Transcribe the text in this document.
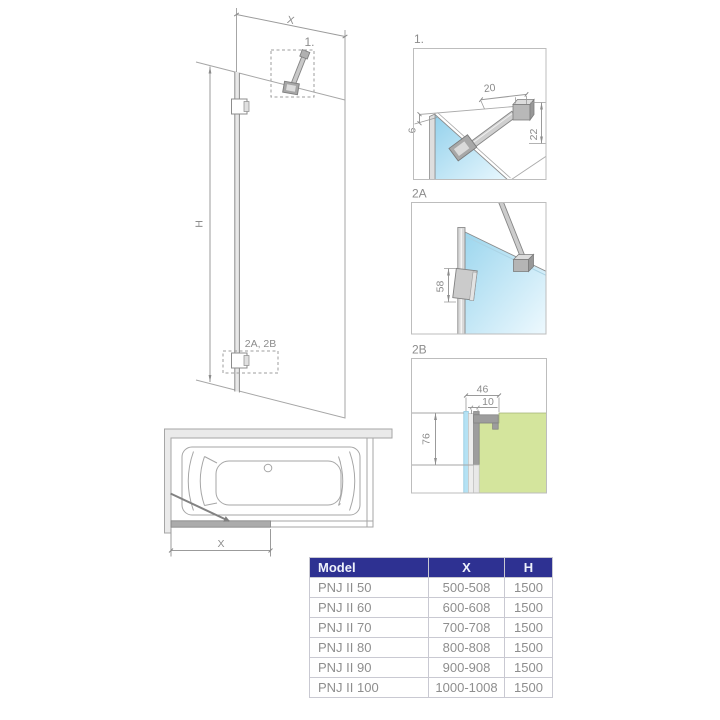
X
H
1.
2A, 2B
X
1.
6
20
22
2A
58
2B
46
10
76
Model	X	H
PNJ II 50	500-508	1500
PNJ II 60	600-608	1500
PNJ II 70	700-708	1500
PNJ II 80	800-808	1500
PNJ II 90	900-908	1500
PNJ II 100	1000-1008	1500
